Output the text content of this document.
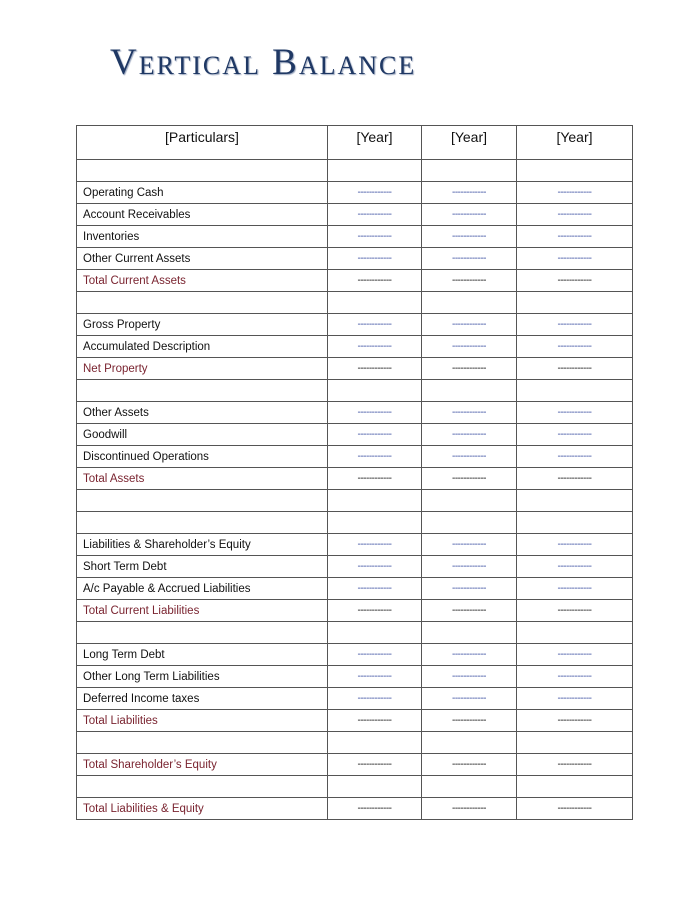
Vertical Balance
[Particulars]	[Year]	[Year]	[Year]

Operating Cash	------------	------------	------------
Account Receivables	------------	------------	------------
Inventories	------------	------------	------------
Other Current Assets	------------	------------	------------
Total Current Assets	------------	------------	------------

Gross Property	------------	------------	------------
Accumulated Description	------------	------------	------------
Net Property	------------	------------	------------

Other Assets	------------	------------	------------
Goodwill	------------	------------	------------
Discontinued Operations	------------	------------	------------
Total Assets	------------	------------	------------

Liabilities & Shareholder’s Equity	------------	------------	------------
Short Term Debt	------------	------------	------------
A/c Payable & Accrued Liabilities	------------	------------	------------
Total Current Liabilities	------------	------------	------------

Long Term Debt	------------	------------	------------
Other Long Term Liabilities	------------	------------	------------
Deferred Income taxes	------------	------------	------------
Total Liabilities	------------	------------	------------

Total Shareholder’s Equity	------------	------------	------------

Total Liabilities & Equity	------------	------------	------------
